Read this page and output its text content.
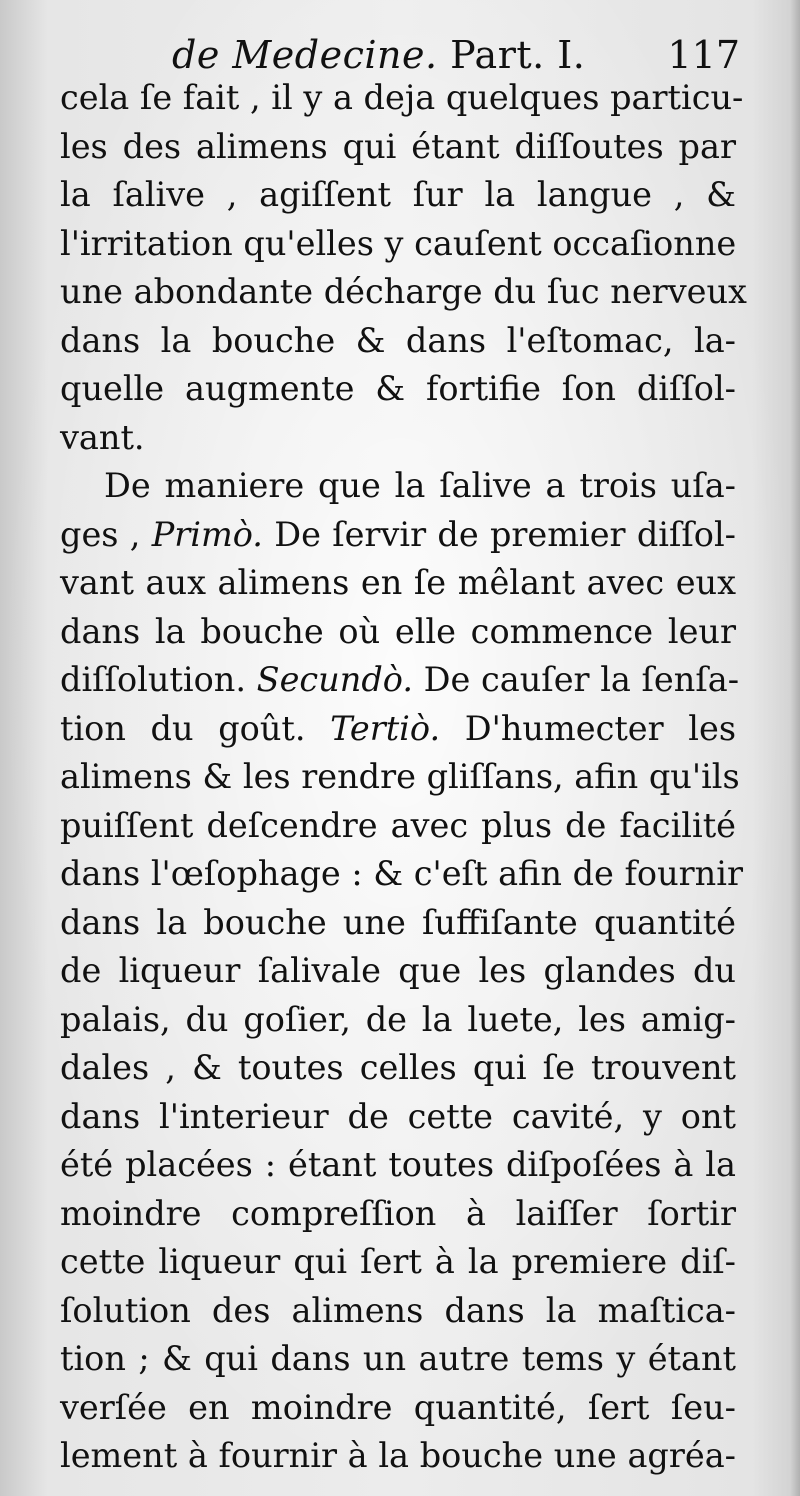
de Medecine. Part. I. 117
cela ſe fait , il y a deja quelques particu-
les des alimens qui étant diſſoutes par
la ſalive , agiſſent ſur la langue , &
l'irritation qu'elles y cauſent occaſionne
une abondante décharge du ſuc nerveux
dans la bouche & dans l'eſtomac, la-
quelle augmente & fortifie ſon diſſol-
vant.
De maniere que la ſalive a trois uſa-
ges , Primò. De ſervir de premier diſſol-
vant aux alimens en ſe mêlant avec eux
dans la bouche où elle commence leur
diſſolution. Secundò. De cauſer la ſenſa-
tion du goût. Tertiò. D'humecter les
alimens & les rendre gliſſans, afin qu'ils
puiſſent deſcendre avec plus de facilité
dans l'œſophage : & c'eſt afin de fournir
dans la bouche une ſuffiſante quantité
de liqueur ſalivale que les glandes du
palais, du goſier, de la luete, les amig-
dales , & toutes celles qui ſe trouvent
dans l'interieur de cette cavité, y ont
été placées : étant toutes diſpoſées à la
moindre compreſſion à laiſſer ſortir
cette liqueur qui ſert à la premiere diſ-
ſolution des alimens dans la maſtica-
tion ; & qui dans un autre tems y étant
verſée en moindre quantité, ſert ſeu-
lement à fournir à la bouche une agréa-
